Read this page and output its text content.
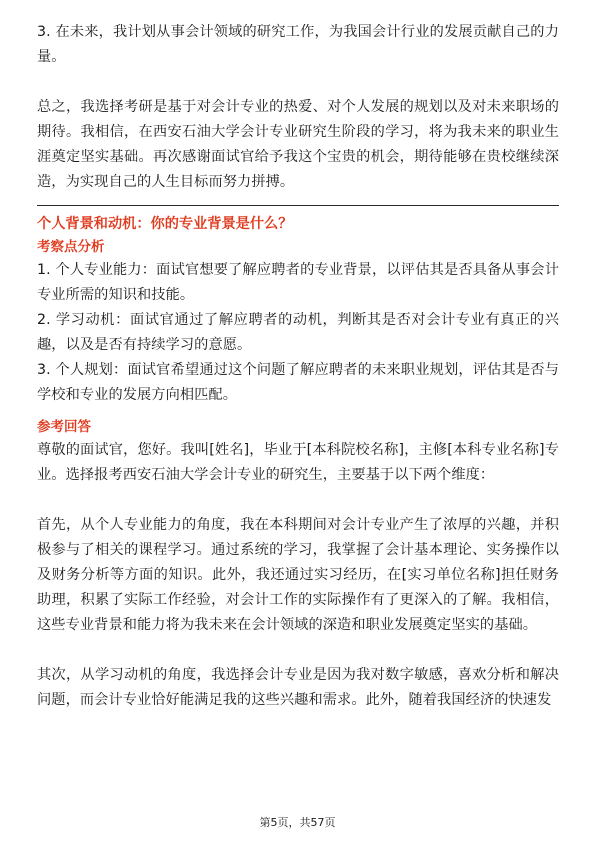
3. 在未来，我计划从事会计领域的研究工作，为我国会计行业的发展贡献自己的力量。

总之，我选择考研是基于对会计专业的热爱、对个人发展的规划以及对未来职场的期待。我相信，在西安石油大学会计专业研究生阶段的学习，将为我未来的职业生涯奠定坚实基础。再次感谢面试官给予我这个宝贵的机会，期待能够在贵校继续深造，为实现自己的人生目标而努力拼搏。

个人背景和动机：你的专业背景是什么？

考察点分析

1. 个人专业能力：面试官想要了解应聘者的专业背景，以评估其是否具备从事会计专业所需的知识和技能。

2. 学习动机：面试官通过了解应聘者的动机，判断其是否对会计专业有真正的兴趣，以及是否有持续学习的意愿。

3. 个人规划：面试官希望通过这个问题了解应聘者的未来职业规划，评估其是否与学校和专业的发展方向相匹配。

参考回答

尊敬的面试官，您好。我叫[姓名]，毕业于[本科院校名称]，主修[本科专业名称]专业。选择报考西安石油大学会计专业的研究生，主要基于以下两个维度：

首先，从个人专业能力的角度，我在本科期间对会计专业产生了浓厚的兴趣，并积极参与了相关的课程学习。通过系统的学习，我掌握了会计基本理论、实务操作以及财务分析等方面的知识。此外，我还通过实习经历，在[实习单位名称]担任财务助理，积累了实际工作经验，对会计工作的实际操作有了更深入的了解。我相信，这些专业背景和能力将为我未来在会计领域的深造和职业发展奠定坚实的基础。

其次，从学习动机的角度，我选择会计专业是因为我对数字敏感，喜欢分析和解决问题，而会计专业恰好能满足我的这些兴趣和需求。此外，随着我国经济的快速发

第5页，共57页
